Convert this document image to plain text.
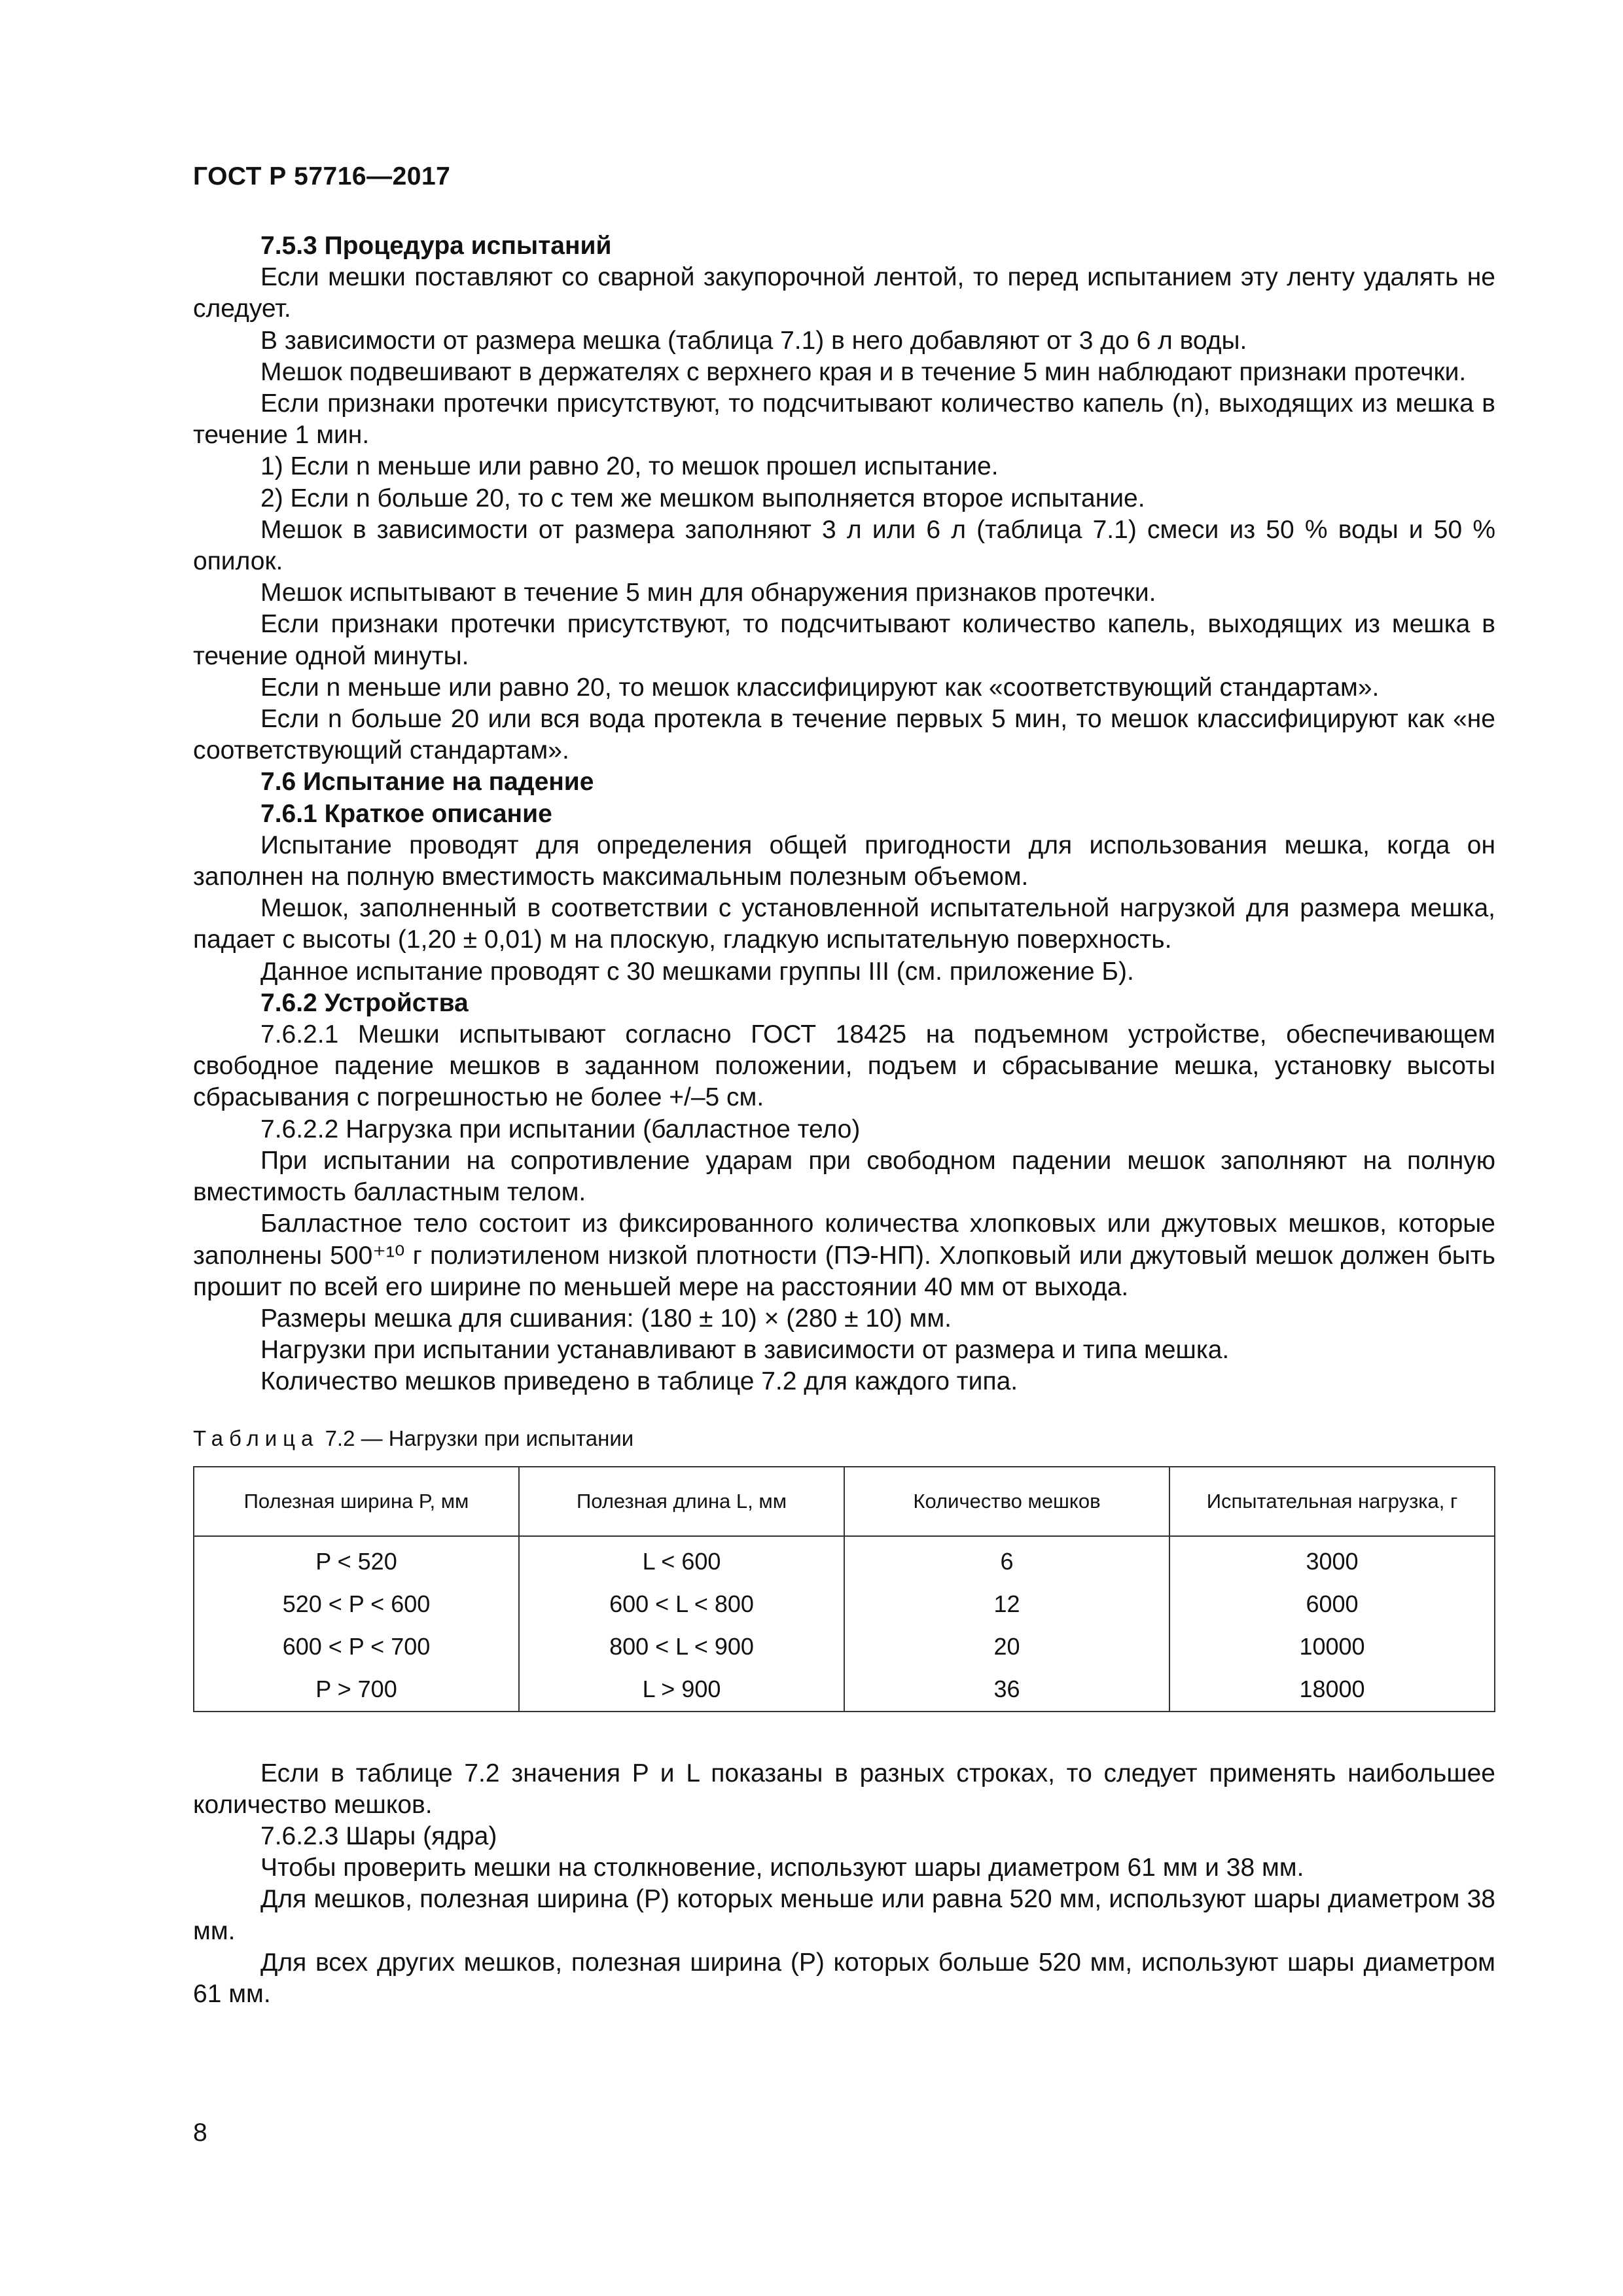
ГОСТ Р 57716—2017

7.5.3 Процедура испытаний

Если мешки поставляют со сварной закупорочной лентой, то перед испытанием эту ленту удалять не следует.

В зависимости от размера мешка (таблица 7.1) в него добавляют от 3 до 6 л воды.

Мешок подвешивают в держателях с верхнего края и в течение 5 мин наблюдают признаки протечки.

Если признаки протечки присутствуют, то подсчитывают количество капель (n), выходящих из мешка в течение 1 мин.

1) Если n меньше или равно 20, то мешок прошел испытание.

2) Если n больше 20, то с тем же мешком выполняется второе испытание.

Мешок в зависимости от размера заполняют 3 л или 6 л (таблица 7.1) смеси из 50 % воды и 50 % опилок.

Мешок испытывают в течение 5 мин для обнаружения признаков протечки.

Если признаки протечки присутствуют, то подсчитывают количество капель, выходящих из мешка в течение одной минуты.

Если n меньше или равно 20, то мешок классифицируют как «соответствующий стандартам».

Если n больше 20 или вся вода протекла в течение первых 5 мин, то мешок классифицируют как «не соответствующий стандартам».

7.6 Испытание на падение

7.6.1 Краткое описание

Испытание проводят для определения общей пригодности для использования мешка, когда он заполнен на полную вместимость максимальным полезным объемом.

Мешок, заполненный в соответствии с установленной испытательной нагрузкой для размера мешка, падает с высоты (1,20 ± 0,01) м на плоскую, гладкую испытательную поверхность.

Данное испытание проводят с 30 мешками группы III (см. приложение Б).

7.6.2 Устройства

7.6.2.1 Мешки испытывают согласно ГОСТ 18425 на подъемном устройстве, обеспечивающем свободное падение мешков в заданном положении, подъем и сбрасывание мешка, установку высоты сбрасывания с погрешностью не более +/–5 см.

7.6.2.2 Нагрузка при испытании (балластное тело)

При испытании на сопротивление ударам при свободном падении мешок заполняют на полную вместимость балластным телом.

Балластное тело состоит из фиксированного количества хлопковых или джутовых мешков, которые заполнены 500⁺¹⁰ г полиэтиленом низкой плотности (ПЭ-НП). Хлопковый или джутовый мешок должен быть прошит по всей его ширине по меньшей мере на расстоянии 40 мм от выхода.

Размеры мешка для сшивания: (180 ± 10) × (280 ± 10) мм.

Нагрузки при испытании устанавливают в зависимости от размера и типа мешка.

Количество мешков приведено в таблице 7.2 для каждого типа.

Таблица 7.2 — Нагрузки при испытании
Полезная ширина P, мм	Полезная длина L, мм	Количество мешков	Испытательная нагрузка, г
P < 520	L < 600	6	3000
520 < P < 600	600 < L < 800	12	6000
600 < P < 700	800 < L < 900	20	10000
P > 700	L > 900	36	18000

Если в таблице 7.2 значения P и L показаны в разных строках, то следует применять наибольшее количество мешков.

7.6.2.3 Шары (ядра)

Чтобы проверить мешки на столкновение, используют шары диаметром 61 мм и 38 мм.

Для мешков, полезная ширина (P) которых меньше или равна 520 мм, используют шары диаметром 38 мм.

Для всех других мешков, полезная ширина (P) которых больше 520 мм, используют шары диаметром 61 мм.

8
